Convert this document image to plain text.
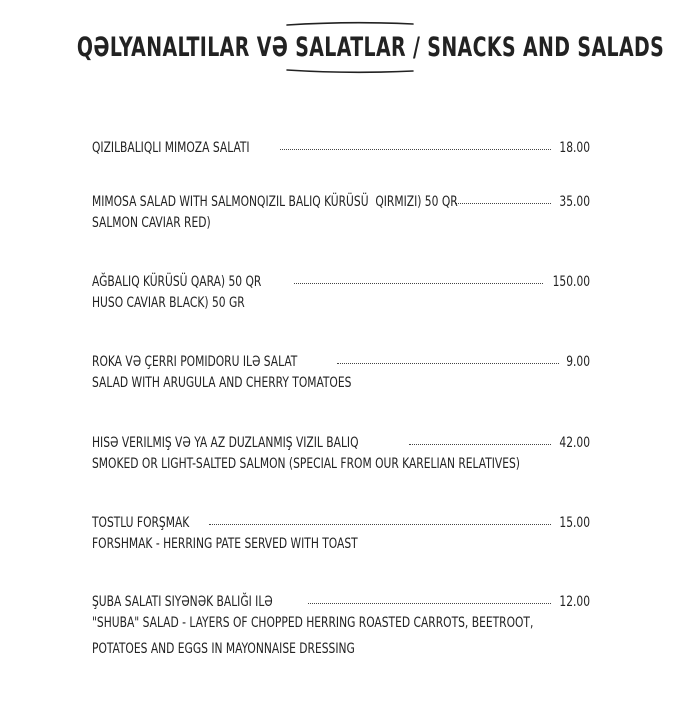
QƏLYANALTILAR VƏ SALATLAR / SNACKS AND SALADS
QIZILBALIQLI MIMOZA SALATI	18.00
MIMOSA SALAD WITH SALMONQIZIL BALIQ KÜRÜSÜ  QIRMIZI) 50 QR	35.00
SALMON CAVIAR RED)
AĞBALIQ KÜRÜSÜ QARA) 50 QR	150.00
HUSO CAVIAR BLACK) 50 GR
ROKA VƏ ÇERRI POMIDORU ILƏ SALAT	9.00
SALAD WITH ARUGULA AND CHERRY TOMATOES
HISƏ VERILMIŞ VƏ YA AZ DUZLANMIŞ VIZIL BALIQ	42.00
SMOKED OR LIGHT-SALTED SALMON (SPECIAL FROM OUR KARELIAN RELATIVES)
TOSTLU FORŞMAK	15.00
FORSHMAK - HERRING PATE SERVED WITH TOAST
ŞUBA SALATI SIYƏNƏK BALIĞI ILƏ	12.00
"SHUBA" SALAD - LAYERS OF CHOPPED HERRING ROASTED CARROTS, BEETROOT,
POTATOES AND EGGS IN MAYONNAISE DRESSING
